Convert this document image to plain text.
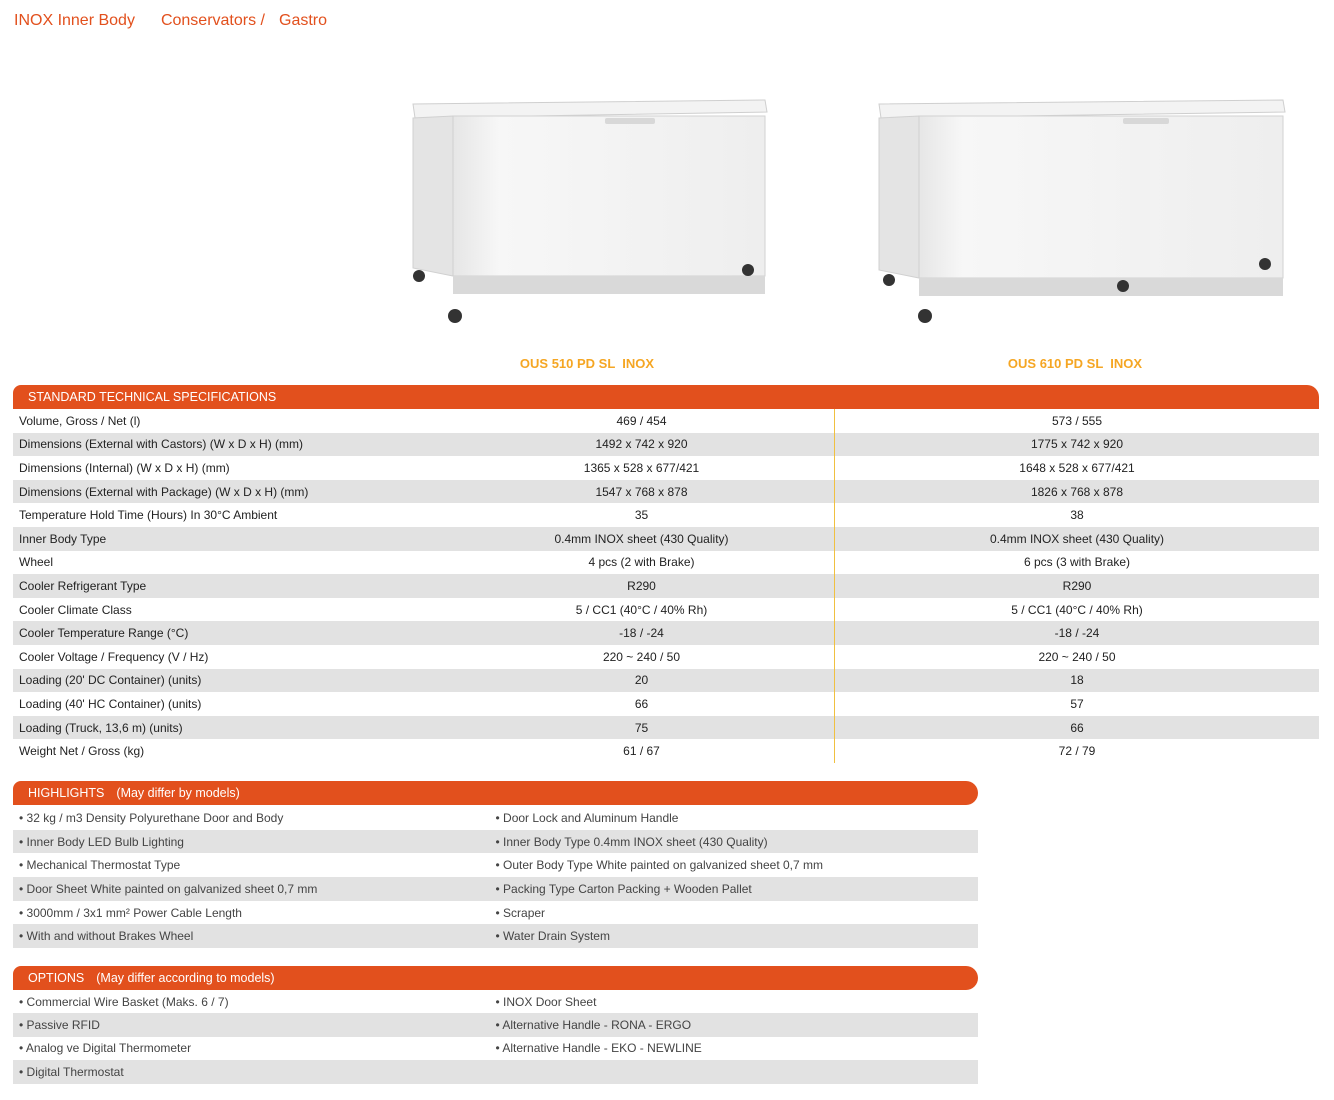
INOX Inner Body Conservators / Gastro
OUS 510 PD SL  INOX	OUS 610 PD SL  INOX
STANDARD TECHNICAL SPECIFICATIONS
Volume, Gross / Net (l)	469 / 454	573 / 555
Dimensions (External with Castors) (W x D x H) (mm)	1492 x 742 x 920	1775 x 742 x 920
Dimensions (Internal) (W x D x H) (mm)	1365 x 528 x 677/421	1648 x 528 x 677/421
Dimensions (External with Package) (W x D x H) (mm)	1547 x 768 x 878	1826 x 768 x 878
Temperature Hold Time (Hours) In 30°C Ambient	35	38
Inner Body Type	0.4mm INOX sheet (430 Quality)	0.4mm INOX sheet (430 Quality)
Wheel	4 pcs (2 with Brake)	6 pcs (3 with Brake)
Cooler Refrigerant Type	R290	R290
Cooler Climate Class	5 / CC1 (40°C / 40% Rh)	5 / CC1 (40°C / 40% Rh)
Cooler Temperature Range (°C)	-18 / -24	-18 / -24
Cooler Voltage / Frequency (V / Hz)	220 ~ 240 / 50	220 ~ 240 / 50
Loading (20' DC Container) (units)	20	18
Loading (40' HC Container) (units)	66	57
Loading (Truck, 13,6 m) (units)	75	66
Weight Net / Gross (kg)	61 / 67	72 / 79
HIGHLIGHTS (May differ by models)
• 32 kg / m3 Density Polyurethane Door and Body	• Door Lock and Aluminum Handle
• Inner Body LED Bulb Lighting	• Inner Body Type 0.4mm INOX sheet (430 Quality)
• Mechanical Thermostat Type	• Outer Body Type White painted on galvanized sheet 0,7 mm
• Door Sheet White painted on galvanized sheet 0,7 mm	• Packing Type Carton Packing + Wooden Pallet
• 3000mm / 3x1 mm² Power Cable Length	• Scraper
• With and without Brakes Wheel	• Water Drain System
OPTIONS (May differ according to models)
• Commercial Wire Basket (Maks. 6 / 7)	• INOX Door Sheet
• Passive RFID	• Alternative Handle - RONA - ERGO
• Analog ve Digital Thermometer	• Alternative Handle - EKO - NEWLINE
• Digital Thermostat	
